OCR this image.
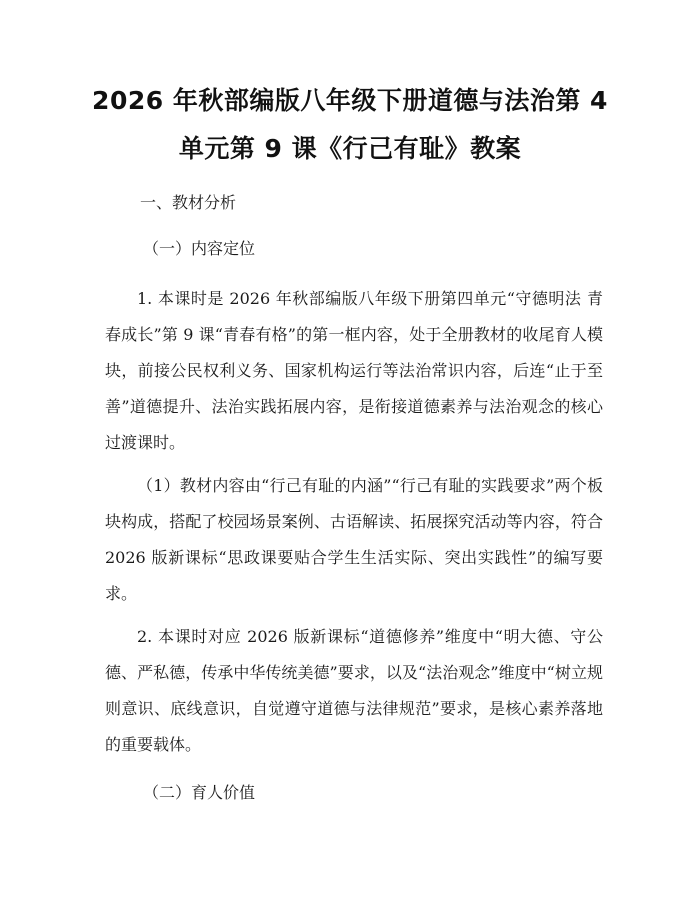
2026 年秋部编版八年级下册道德与法治第 4
单元第 9 课《行己有耻》教案
一、教材分析
（一）内容定位

1. 本课时是 2026 年秋部编版八年级下册第四单元“守德明法 青春成长”第 9 课“青春有格”的第一框内容，处于全册教材的收尾育人模块，前接公民权利义务、国家机构运行等法治常识内容，后连“止于至善”道德提升、法治实践拓展内容，是衔接道德素养与法治观念的核心过渡课时。

（1）教材内容由“行己有耻的内涵”“行己有耻的实践要求”两个板块构成，搭配了校园场景案例、古语解读、拓展探究活动等内容，符合 2026 版新课标“思政课要贴合学生生活实际、突出实践性”的编写要求。

2. 本课时对应 2026 版新课标“道德修养”维度中“明大德、守公德、严私德，传承中华传统美德”要求，以及“法治观念”维度中“树立规则意识、底线意识，自觉遵守道德与法律规范”要求，是核心素养落地的重要载体。

（二）育人价值
